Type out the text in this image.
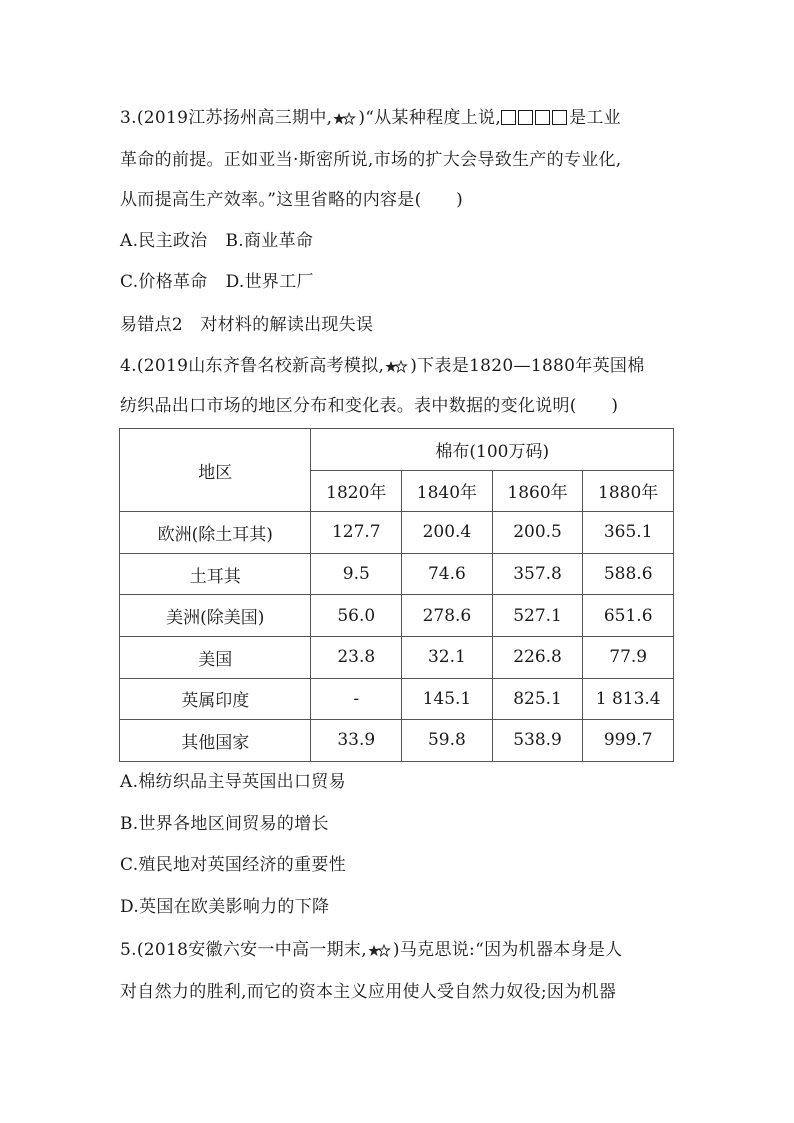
3.(2019江苏扬州高三期中, )“从某种程度上说,	是工业
革命的前提。正如亚当·斯密所说,市场的扩大会导致生产的专业化,
从而提高生产效率。”这里省略的内容是(　　)
A.民主政治 B.商业革命
C.价格革命 D.世界工厂
易错点2　对材料的解读出现失误
4.(2019山东齐鲁名校新高考模拟, )下表是1820—1880年英国棉
纺织品出口市场的地区分布和变化表。表中数据的变化说明(　　)
地区	棉布(100万码)			
	1820年	1840年	1860年	1880年
欧洲(除土耳其)	127.7	200.4	200.5	365.1
土耳其	9.5	74.6	357.8	588.6
美洲(除美国)	56.0	278.6	527.1	651.6
美国	23.8	32.1	226.8	77.9
英属印度	-	145.1	825.1	1 813.4
其他国家	33.9	59.8	538.9	999.7
A.棉纺织品主导英国出口贸易
B.世界各地区间贸易的增长
C.殖民地对英国经济的重要性
D.英国在欧美影响力的下降
5.(2018安徽六安一中高一期末, )马克思说:“因为机器本身是人
对自然力的胜利,而它的资本主义应用使人受自然力奴役;因为机器
